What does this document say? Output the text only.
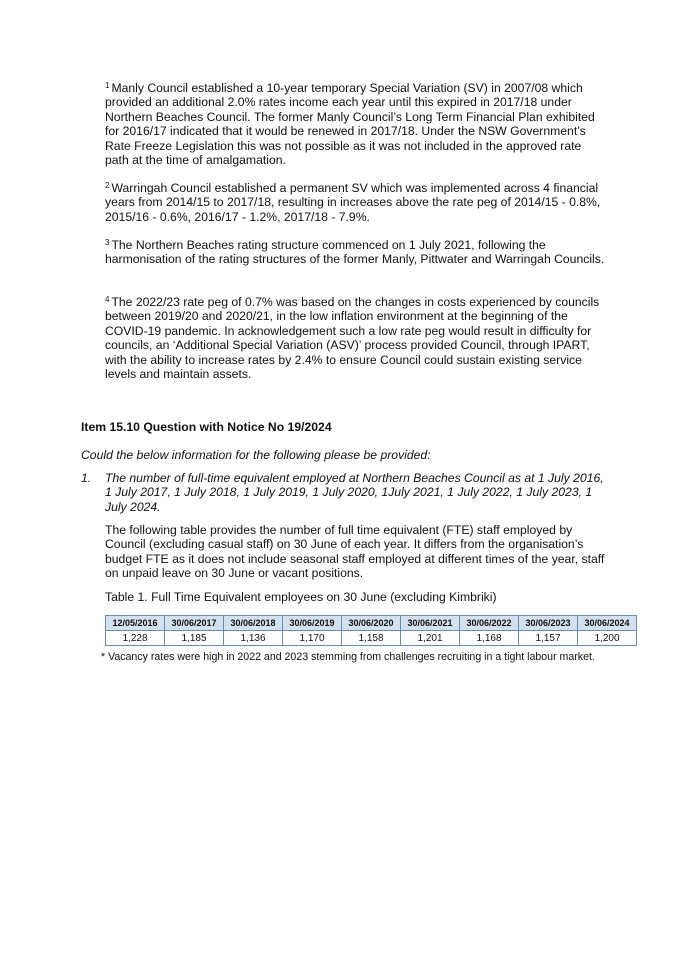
$^1$ Manly Council established a 10-year temporary Special Variation (SV) in 2007/08 which provided an additional 2.0% rates income each year until this expired in 2017/18 under Northern Beaches Council. The former Manly Council’s Long Term Financial Plan exhibited for 2016/17 indicated that it would be renewed in 2017/18. Under the NSW Government’s Rate Freeze Legislation this was not possible as it was not included in the approved rate path at the time of amalgamation.

$^2$ Warringah Council established a permanent SV which was implemented across 4 financial years from 2014/15 to 2017/18, resulting in increases above the rate peg of 2014/15 - 0.8%, 2015/16 - 0.6%, 2016/17 - 1.2%, 2017/18 - 7.9%.

$^3$ The Northern Beaches rating structure commenced on 1 July 2021, following the harmonisation of the rating structures of the former Manly, Pittwater and Warringah Councils.

$^4$ The 2022/23 rate peg of 0.7% was based on the changes in costs experienced by councils between 2019/20 and 2020/21, in the low inflation environment at the beginning of the COVID-19 pandemic. In acknowledgement such a low rate peg would result in difficulty for councils, an ‘Additional Special Variation (ASV)’ process provided Council, through IPART, with the ability to increase rates by 2.4% to ensure Council could sustain existing service levels and maintain assets.

Item 15.10 Question with Notice No 19/2024

Could the below information for the following please be provided:

1. The number of full-time equivalent employed at Northern Beaches Council as at 1 July 2016, 1 July 2017, 1 July 2018, 1 July 2019, 1 July 2020, 1July 2021, 1 July 2022, 1 July 2023, 1 July 2024.

The following table provides the number of full time equivalent (FTE) staff employed by Council (excluding casual staff) on 30 June of each year. It differs from the organisation’s budget FTE as it does not include seasonal staff employed at different times of the year, staff on unpaid leave on 30 June or vacant positions.

Table 1. Full Time Equivalent employees on 30 June (excluding Kimbriki)

12/05/2016	30/06/2017	30/06/2018	30/06/2019	30/06/2020	30/06/2021	30/06/2022	30/06/2023	30/06/2024
1,228	1,185	1,136	1,170	1,158	1,201	1,168	1,157	1,200

* Vacancy rates were high in 2022 and 2023 stemming from challenges recruiting in a tight labour market.
